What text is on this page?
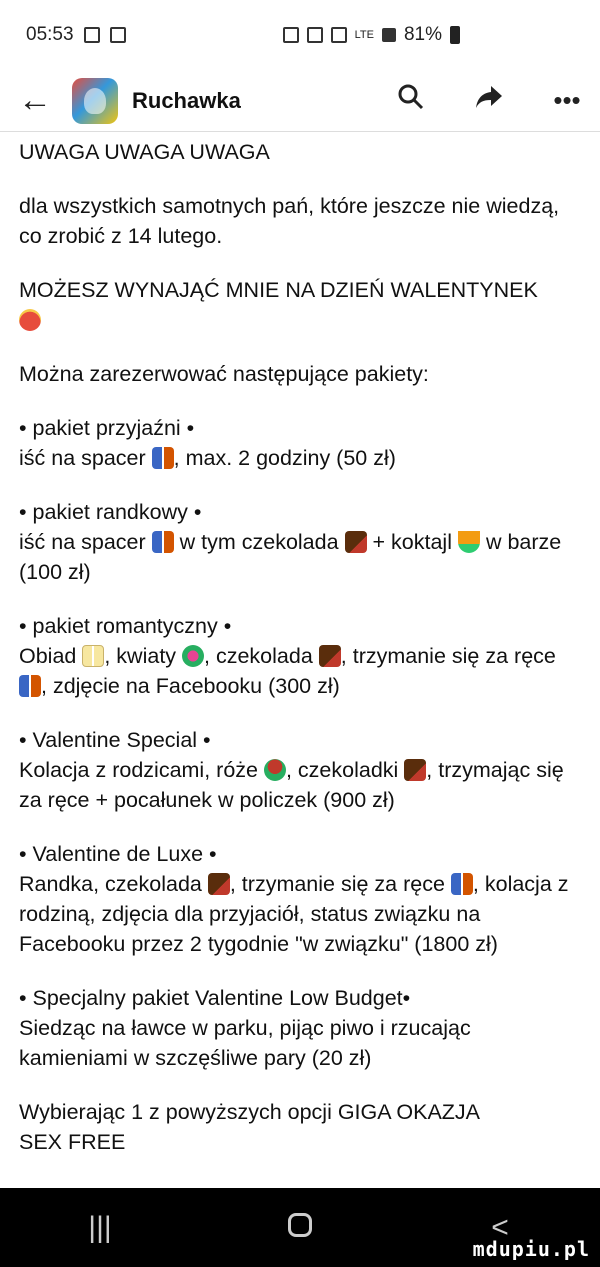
05:53	LTE 81%
←	Ruchawka	•••

UWAGA UWAGA UWAGA

dla wszystkich samotnych pań, które jeszcze nie wiedzą, co zrobić z 14 lutego.

MOŻESZ WYNAJĄĆ MNIE NA DZIEŃ WALENTYNEK

Można zarezerwować następujące pakiety:

• pakiet przyjaźni •

iść na spacer , max. 2 godziny (50 zł)

• pakiet randkowy •

iść na spacer  w tym czekolada  + koktajl  w barze (100 zł)

• pakiet romantyczny •

Obiad , kwiaty , czekolada , trzymanie się za ręce , zdjęcie na Facebooku (300 zł)

• Valentine Special •

Kolacja z rodzicami, róże , czekoladki , trzymając się za ręce + pocałunek w policzek (900 zł)

• Valentine de Luxe •

Randka, czekolada , trzymanie się za ręce , kolacja z rodziną, zdjęcia dla przyjaciół, status związku na Facebooku przez 2 tygodnie "w związku" (1800 zł)

• Specjalny pakiet Valentine Low Budget•

Siedząc na ławce w parku, pijąc piwo i rzucając kamieniami w szczęśliwe pary (20 zł)

Wybierając 1 z powyższych opcji GIGA OKAZJA

SEX FREE

|||	<
mdupiu.pl
